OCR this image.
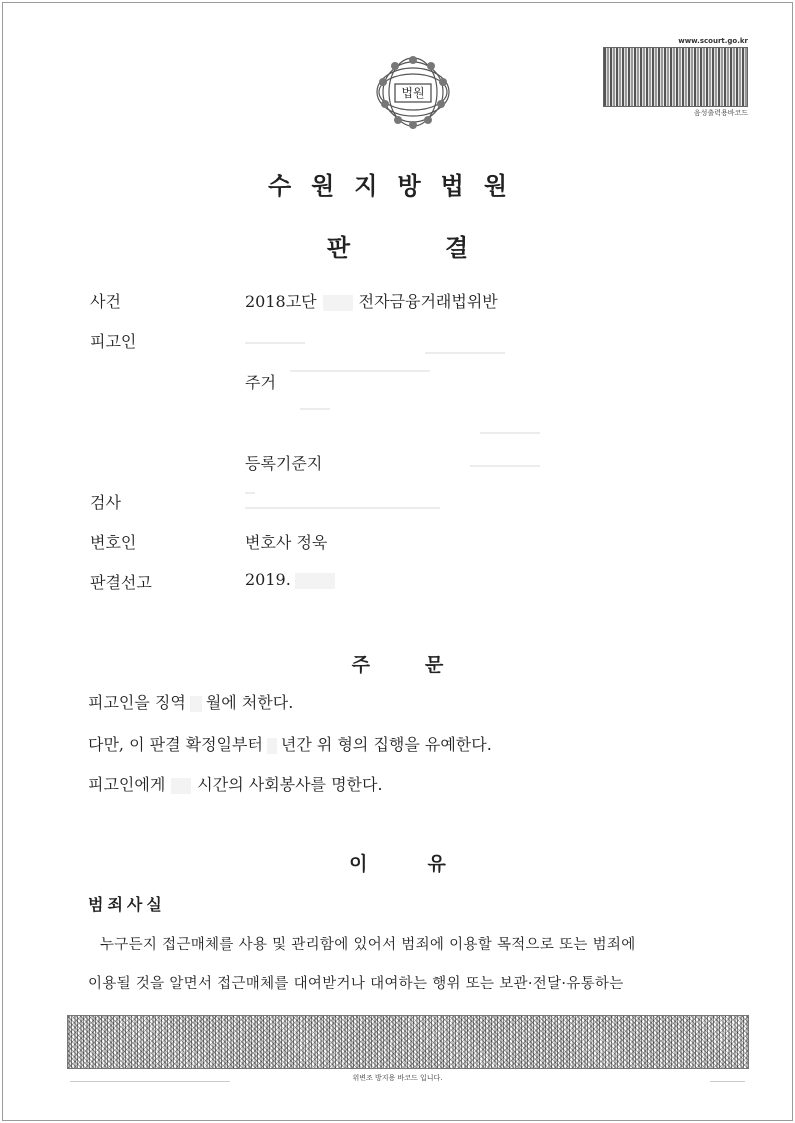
법원
www.scourt.go.kr
음성출력용바코드
수원지방법원
판	결
사건	2018고단	전자금융거래법위반
피고인
주거
등록기준지
검사
변호인	변호사 정욱
판결선고	2019.
주	문
피고인을 징역 월에 처한다.
다만, 이 판결 확정일부터 년간 위 형의 집행을 유예한다.
피고인에게 시간의 사회봉사를 명한다.
이	유
범죄사실
누구든지 접근매체를 사용 및 관리함에 있어서 범죄에 이용할 목적으로 또는 범죄에
이용될 것을 알면서 접근매체를 대여받거나 대여하는 행위 또는 보관·전달·유통하는
위변조 방지용 바코드 입니다.
